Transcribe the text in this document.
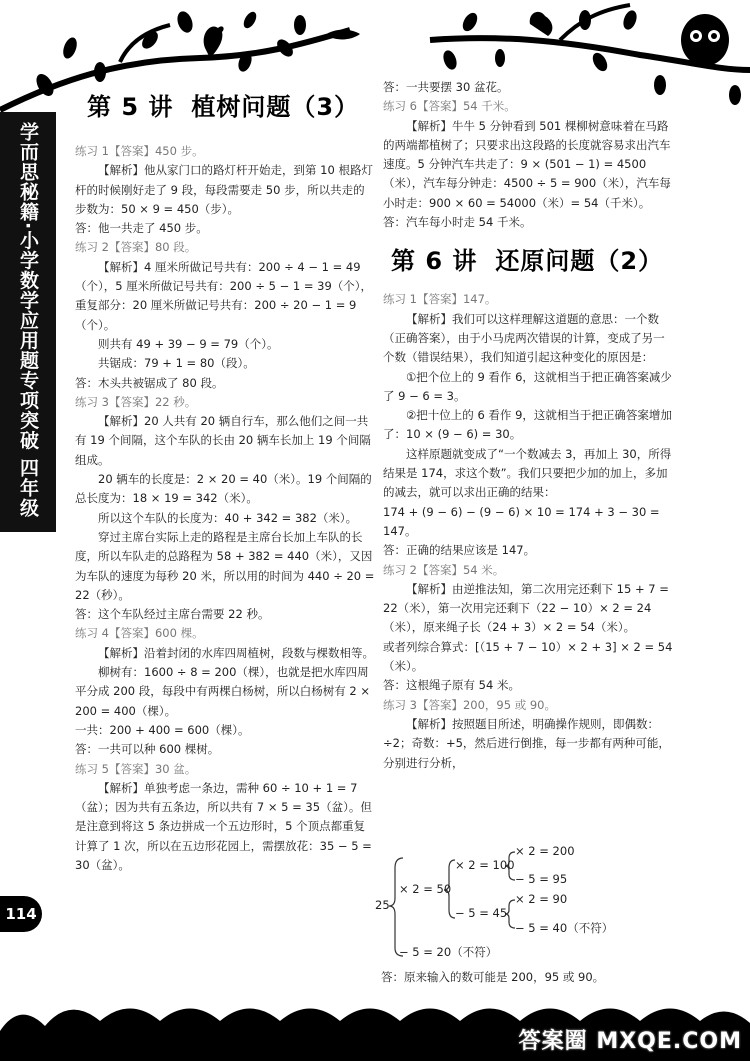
学而思秘籍·小学数学应用题专项突破 四年级
114
第 5 讲 植树问题（3）

练习 1【答案】450 步。

【解析】他从家门口的路灯杆开始走，到第 10 根路灯杆的时候刚好走了 9 段，每段需要走 50 步，所以共走的步数为：50 × 9 = 450（步）。

答：他一共走了 450 步。

练习 2【答案】80 段。

【解析】4 厘米所做记号共有：200 ÷ 4 − 1 = 49（个），5 厘米所做记号共有：200 ÷ 5 − 1 = 39（个），重复部分：20 厘米所做记号共有：200 ÷ 20 − 1 = 9（个）。

则共有 49 + 39 − 9 = 79（个）。

共锯成：79 + 1 = 80（段）。

答：木头共被锯成了 80 段。

练习 3【答案】22 秒。

【解析】20 人共有 20 辆自行车，那么他们之间一共有 19 个间隔，这个车队的长由 20 辆车长加上 19 个间隔组成。

20 辆车的长度是：2 × 20 = 40（米）。19 个间隔的总长度为：18 × 19 = 342（米）。

所以这个车队的长度为：40 + 342 = 382（米）。

穿过主席台实际上走的路程是主席台长加上车队的长度，所以车队走的总路程为 58 + 382 = 440（米），又因为车队的速度为每秒 20 米，所以用的时间为 440 ÷ 20 = 22（秒）。

答：这个车队经过主席台需要 22 秒。

练习 4【答案】600 棵。

【解析】沿着封闭的水库四周植树，段数与棵数相等。

柳树有：1600 ÷ 8 = 200（棵），也就是把水库四周平分成 200 段，每段中有两棵白杨树，所以白杨树有 2 × 200 = 400（棵）。

一共：200 + 400 = 600（棵）。

答：一共可以种 600 棵树。

练习 5【答案】30 盆。

【解析】单独考虑一条边，需种 60 ÷ 10 + 1 = 7（盆）；因为共有五条边，所以共有 7 × 5 = 35（盆）。但是注意到将这 5 条边拼成一个五边形时，5 个顶点都重复计算了 1 次，所以在五边形花园上，需摆放花：35 − 5 = 30（盆）。

答：一共要摆 30 盆花。

练习 6【答案】54 千米。

【解析】牛牛 5 分钟看到 501 棵柳树意味着在马路的两端都植树了；只要求出这段路的长度就容易求出汽车速度。5 分钟汽车共走了：9 × (501 − 1) = 4500（米），汽车每分钟走：4500 ÷ 5 = 900（米），汽车每小时走：900 × 60 = 54000（米）= 54（千米）。

答：汽车每小时走 54 千米。

第 6 讲 还原问题（2）

练习 1【答案】147。

【解析】我们可以这样理解这道题的意思：一个数（正确答案），由于小马虎两次错误的计算，变成了另一个数（错误结果），我们知道引起这种变化的原因是：

①把个位上的 9 看作 6，这就相当于把正确答案减少了 9 − 6 = 3。

②把十位上的 6 看作 9，这就相当于把正确答案增加了：10 × (9 − 6) = 30。

这样原题就变成了“一个数减去 3，再加上 30，所得结果是 174，求这个数”。我们只要把少加的加上，多加的减去，就可以求出正确的结果：

174 + (9 − 6) − (9 − 6) × 10 = 174 + 3 − 30 = 147。

答：正确的结果应该是 147。

练习 2【答案】54 米。

【解析】由逆推法知，第二次用完还剩下 15 + 7 = 22（米），第一次用完还剩下（22 − 10）× 2 = 24（米），原来绳子长（24 + 3）× 2 = 54（米）。

或者列综合算式：[（15 + 7 − 10）× 2 + 3] × 2 = 54（米）。

答：这根绳子原有 54 米。

练习 3【答案】200，95 或 90。

【解析】按照题目所述，明确操作规则，即偶数：÷2；奇数：+5，然后进行倒推，每一步都有两种可能，分别进行分析，

25
× 2 = 50
× 2 = 100
× 2 = 200
− 5 = 95
− 5 = 45
× 2 = 90
− 5 = 40（不符）
− 5 = 20（不符）

答：原来输入的数可能是 200，95 或 90。

答案圈 MXQE.COM
